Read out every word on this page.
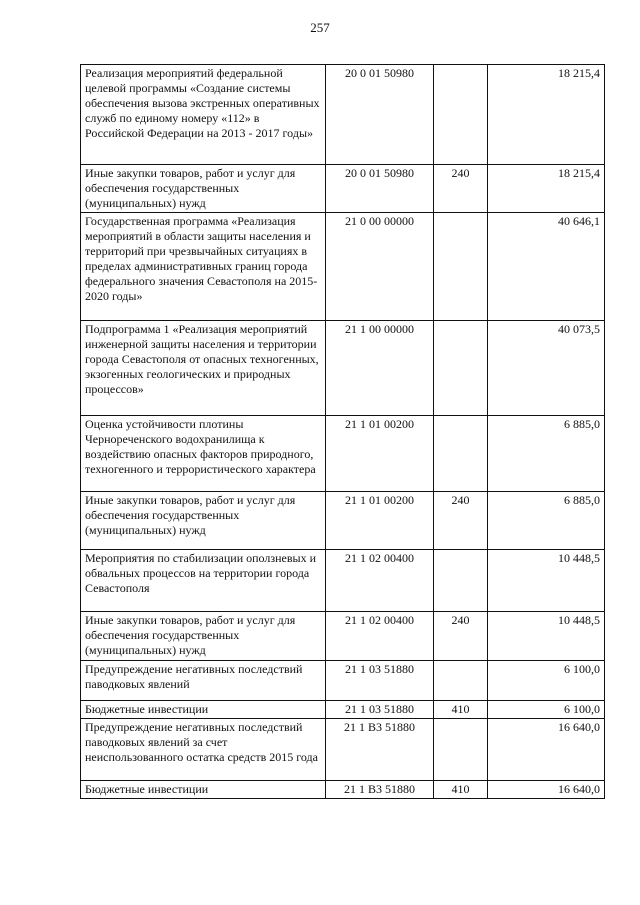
257
Реализация мероприятий федеральной целевой программы «Создание системы обеспечения вызова экстренных оперативных служб по единому номеру «112» в Российской Федерации на 2013 - 2017 годы»	20 0 01 50980		18 215,4
Иные закупки товаров, работ и услуг для обеспечения государственных (муниципальных) нужд	20 0 01 50980	240	18 215,4
Государственная программа «Реализация мероприятий в области защиты населения и территорий при чрезвычайных ситуациях в пределах административных границ города федерального значения Севастополя на 2015-2020 годы»	21 0 00 00000		40 646,1
Подпрограмма 1 «Реализация мероприятий инженерной защиты населения и территории города Севастополя от опасных техногенных, экзогенных геологических и природных процессов»	21 1 00 00000		40 073,5
Оценка устойчивости плотины Чернореченского водохранилища к воздействию опасных факторов природного, техногенного и террористического характера	21 1 01 00200		6 885,0
Иные закупки товаров, работ и услуг для обеспечения государственных (муниципальных) нужд	21 1 01 00200	240	6 885,0
Мероприятия по стабилизации оползневых и обвальных процессов на территории города Севастополя	21 1 02 00400		10 448,5
Иные закупки товаров, работ и услуг для обеспечения государственных (муниципальных) нужд	21 1 02 00400	240	10 448,5
Предупреждение негативных последствий паводковых явлений	21 1 03 51880		6 100,0
Бюджетные инвестиции	21 1 03 51880	410	6 100,0
Предупреждение негативных последствий паводковых явлений за счет неиспользованного остатка средств 2015 года	21 1 B3 51880		16 640,0
Бюджетные инвестиции	21 1 B3 51880	410	16 640,0
